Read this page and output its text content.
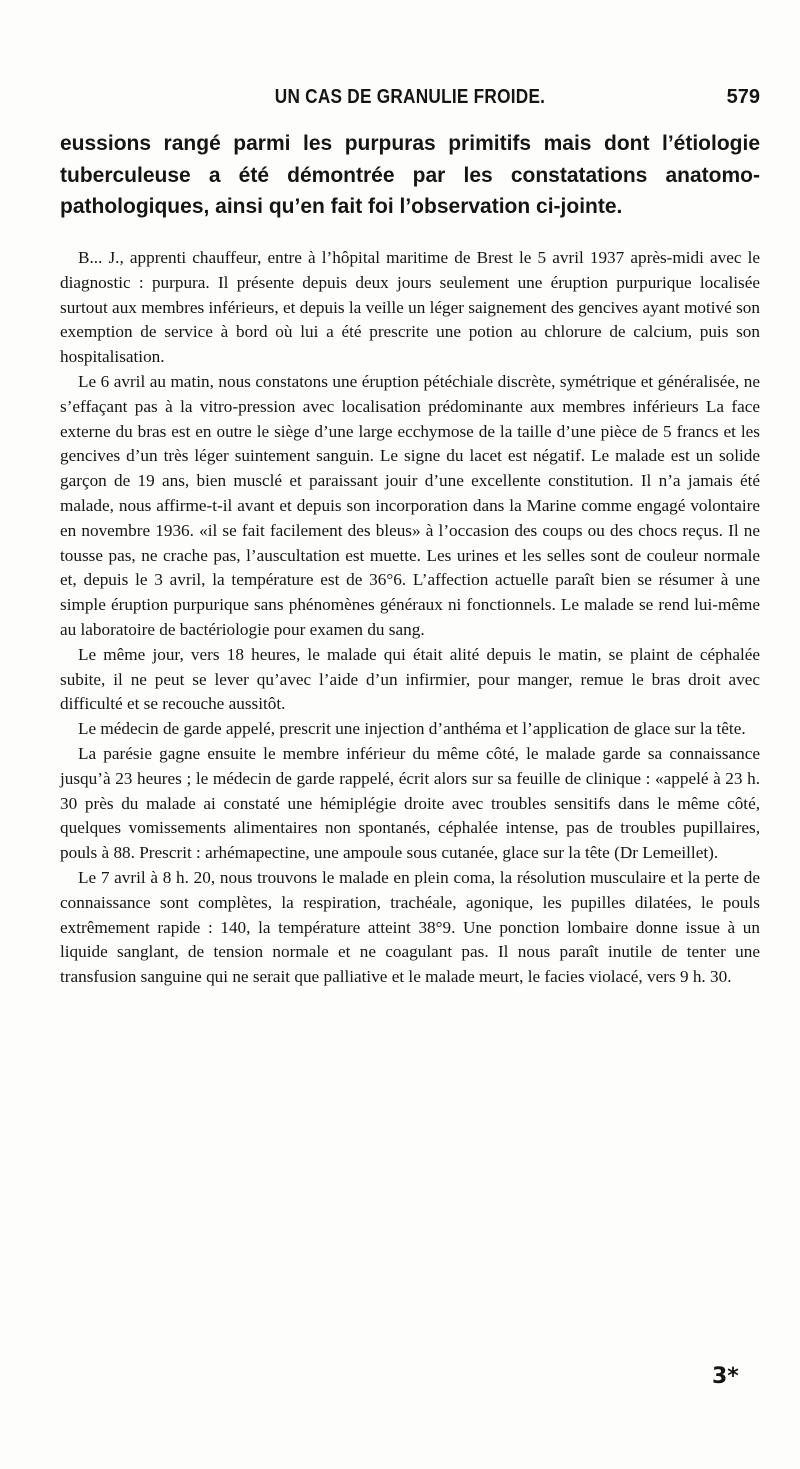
UN CAS DE GRANULIE FROIDE.	579
eussions rangé parmi les purpuras primitifs mais dont l’étiologie tuberculeuse a été démontrée par les constatations anatomo-pathologiques, ainsi qu’en fait foi l’observation ci-jointe.

B... J., apprenti chauffeur, entre à l’hôpital maritime de Brest le 5 avril 1937 après-midi avec le diagnostic : purpura. Il présente depuis deux jours seulement une éruption purpurique localisée surtout aux membres inférieurs, et depuis la veille un léger saignement des gencives ayant motivé son exemption de service à bord où lui a été prescrite une potion au chlorure de calcium, puis son hospitalisation.

Le 6 avril au matin, nous constatons une éruption pétéchiale discrète, symétrique et généralisée, ne s’effaçant pas à la vitro-pression avec localisation prédominante aux membres inférieurs La face externe du bras est en outre le siège d’une large ecchymose de la taille d’une pièce de 5 francs et les gencives d’un très léger suintement sanguin. Le signe du lacet est négatif. Le malade est un solide garçon de 19 ans, bien musclé et paraissant jouir d’une excellente constitution. Il n’a jamais été malade, nous affirme-t-il avant et depuis son incorporation dans la Marine comme engagé volontaire en novembre 1936. «il se fait facilement des bleus» à l’occasion des coups ou des chocs reçus. Il ne tousse pas, ne crache pas, l’auscultation est muette. Les urines et les selles sont de couleur normale et, depuis le 3 avril, la température est de 36°6. L’affection actuelle paraît bien se résumer à une simple éruption purpurique sans phénomènes généraux ni fonctionnels. Le malade se rend lui-même au laboratoire de bactériologie pour examen du sang.

Le même jour, vers 18 heures, le malade qui était alité depuis le matin, se plaint de céphalée subite, il ne peut se lever qu’avec l’aide d’un infirmier, pour manger, remue le bras droit avec difficulté et se recouche aussitôt.

Le médecin de garde appelé, prescrit une injection d’anthéma et l’application de glace sur la tête.

La parésie gagne ensuite le membre inférieur du même côté, le malade garde sa connaissance jusqu’à 23 heures ; le médecin de garde rappelé, écrit alors sur sa feuille de clinique : «appelé à 23 h. 30 près du malade ai constaté une hémiplégie droite avec troubles sensitifs dans le même côté, quelques vomissements alimentaires non spontanés, céphalée intense, pas de troubles pupillaires, pouls à 88. Prescrit : arhémapectine, une ampoule sous cutanée, glace sur la tête (Dr Lemeillet).

Le 7 avril à 8 h. 20, nous trouvons le malade en plein coma, la résolution musculaire et la perte de connaissance sont complètes, la respiration, trachéale, agonique, les pupilles dilatées, le pouls extrêmement rapide : 140, la température atteint 38°9. Une ponction lombaire donne issue à un liquide sanglant, de tension normale et ne coagulant pas. Il nous paraît inutile de tenter une transfusion sanguine qui ne serait que palliative et le malade meurt, le facies violacé, vers 9 h. 30.

3*
